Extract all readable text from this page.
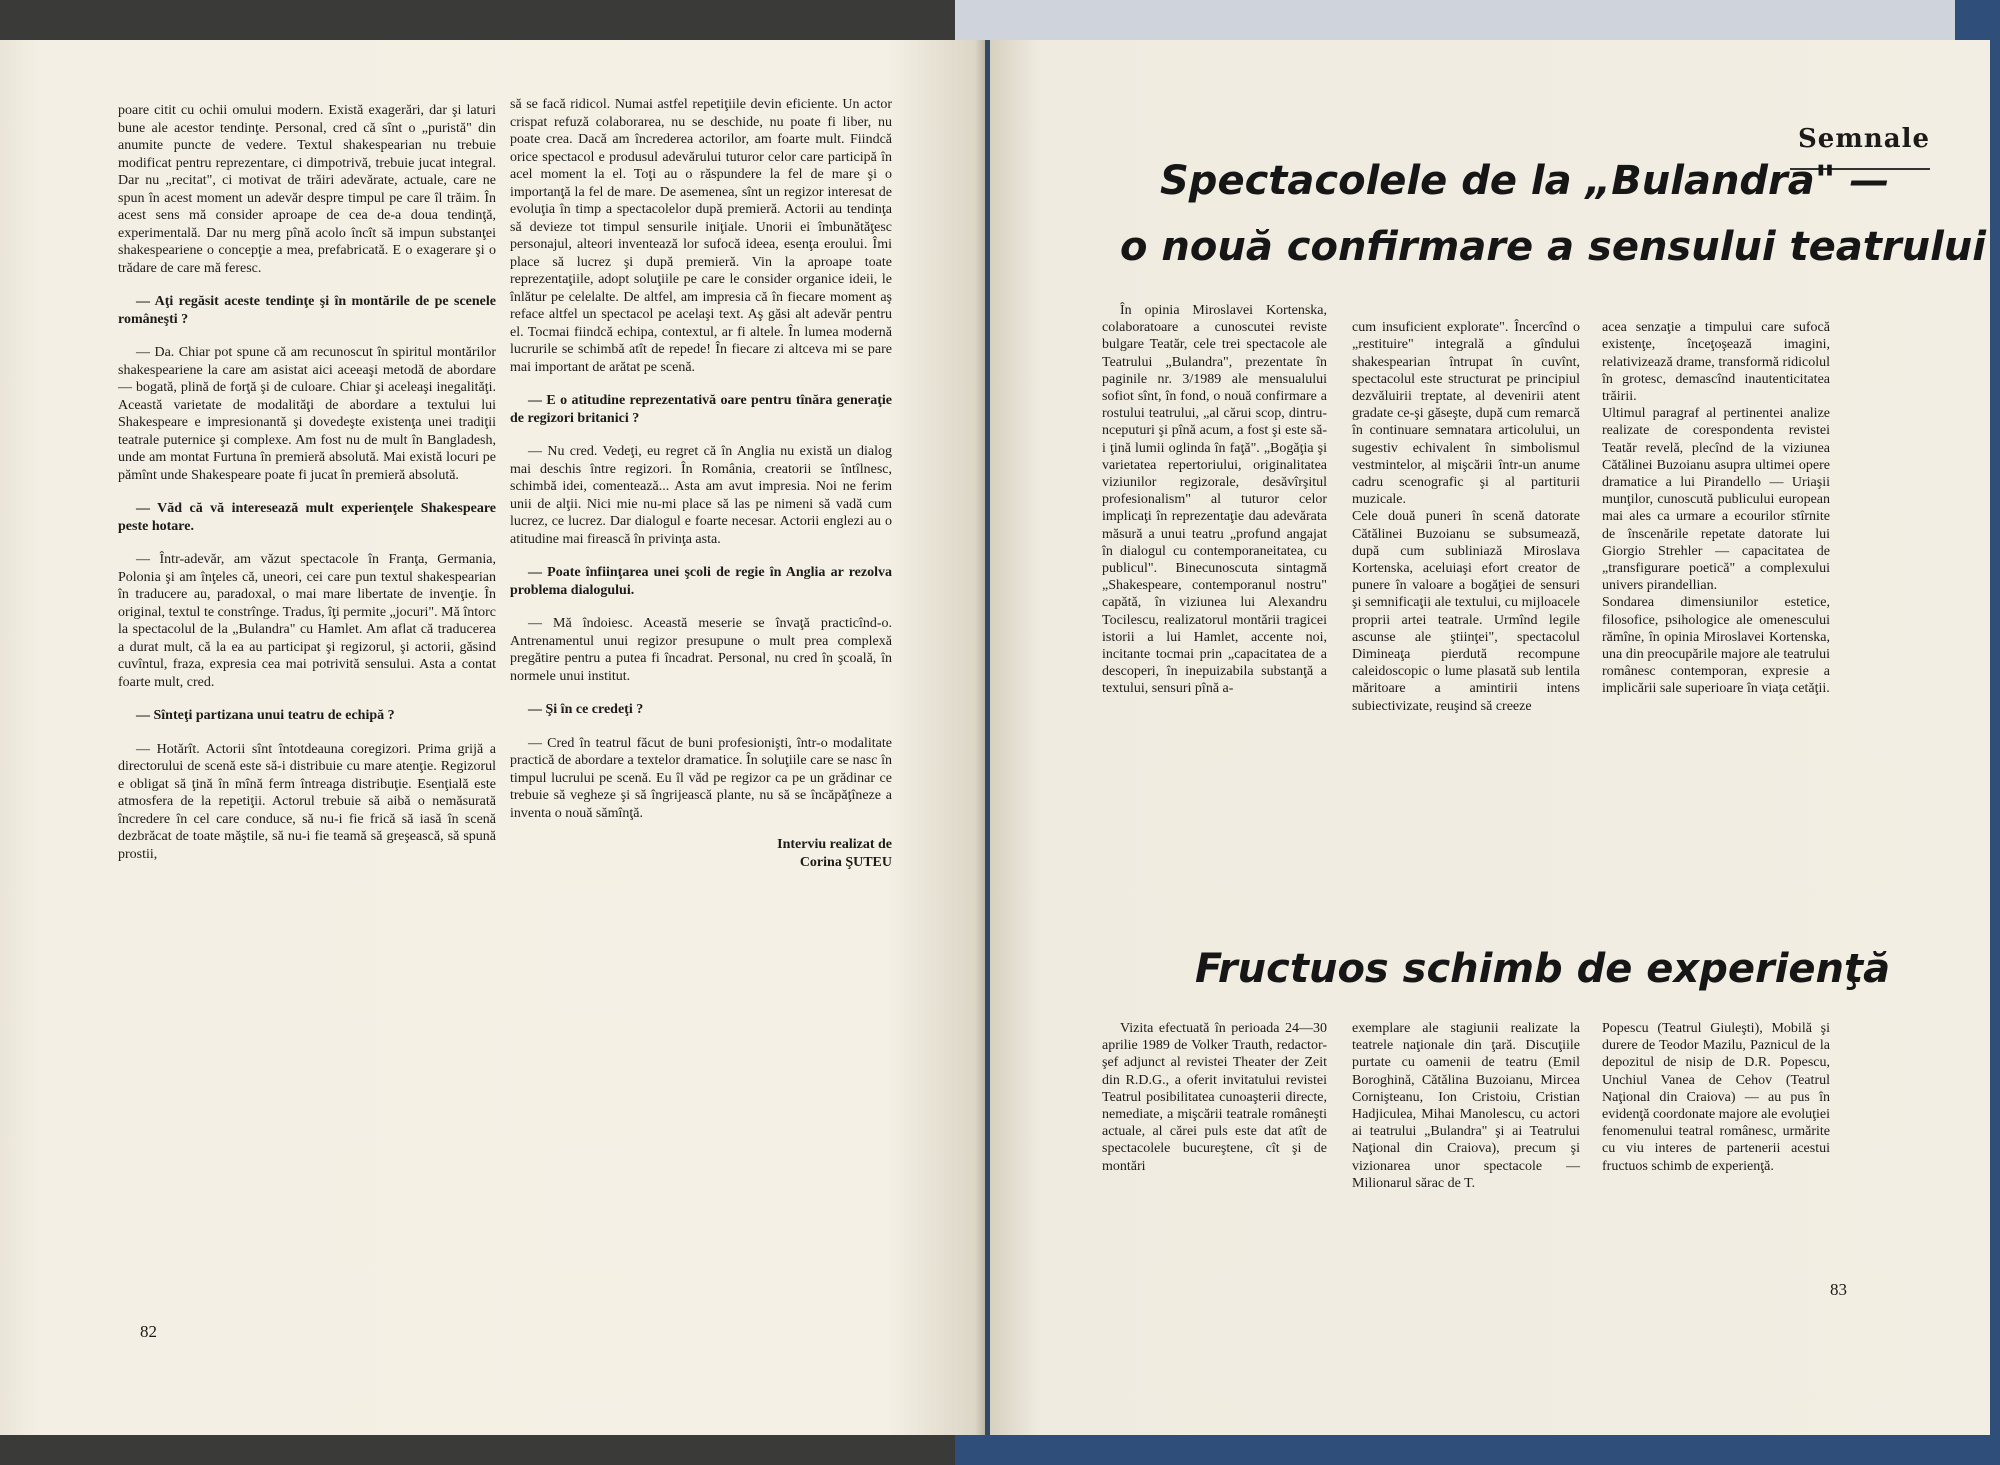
poare citit cu ochii omului modern. Există exagerări, dar şi laturi bune ale acestor tendinţe. Personal, cred că sînt o „puristă" din anumite puncte de vedere. Textul shakespearian nu trebuie modificat pentru reprezentare, ci dimpotrivă, trebuie jucat integral. Dar nu „recitat", ci motivat de trăiri adevărate, actuale, care ne spun în acest moment un adevăr despre timpul pe care îl trăim. În acest sens mă consider aproape de cea de-a doua tendinţă, experimentală. Dar nu merg pînă acolo încît să impun substanţei shakespeariene o concepţie a mea, prefabricată. E o exagerare şi o trădare de care mă feresc.

— Aţi regăsit aceste tendinţe şi în montările de pe scenele româneşti ?

— Da. Chiar pot spune că am recunoscut în spiritul montărilor shakespeariene la care am asistat aici aceeaşi metodă de abordare — bogată, plină de forţă şi de culoare. Chiar şi aceleaşi inegalităţi. Această varietate de modalităţi de abordare a textului lui Shakespeare e impresionantă şi dovedeşte existenţa unei tradiţii teatrale puternice şi complexe. Am fost nu de mult în Bangladesh, unde am montat Furtuna în premieră absolută. Mai există locuri pe pămînt unde Shakespeare poate fi jucat în premieră absolută.

— Văd că vă interesează mult experienţele Shakespeare peste hotare.

— Într-adevăr, am văzut spectacole în Franţa, Germania, Polonia şi am înţeles că, uneori, cei care pun textul shakespearian în traducere au, paradoxal, o mai mare libertate de invenţie. În original, textul te constrînge. Tradus, îţi permite „jocuri". Mă întorc la spectacolul de la „Bulandra" cu Hamlet. Am aflat că traducerea a durat mult, că la ea au participat şi regizorul, şi actorii, găsind cuvîntul, fraza, expresia cea mai potrivită sensului. Asta a contat foarte mult, cred.

— Sînteţi partizana unui teatru de echipă ?

— Hotărît. Actorii sînt întotdeauna coregizori. Prima grijă a directorului de scenă este să-i distribuie cu mare atenţie. Regizorul e obligat să ţină în mînă ferm întreaga distribuţie. Esenţială este atmosfera de la repetiţii. Actorul trebuie să aibă o nemăsurată încredere în cel care conduce, să nu-i fie frică să iasă în scenă dezbrăcat de toate măştile, să nu-i fie teamă să greşească, să spună prostii,

să se facă ridicol. Numai astfel repetiţiile devin eficiente. Un actor crispat refuză colaborarea, nu se deschide, nu poate fi liber, nu poate crea. Dacă am încrederea actorilor, am foarte mult. Fiindcă orice spectacol e produsul adevărului tuturor celor care participă în acel moment la el. Toţi au o răspundere la fel de mare şi o importanţă la fel de mare. De asemenea, sînt un regizor interesat de evoluţia în timp a spectacolelor după premieră. Actorii au tendinţa să devieze tot timpul sensurile iniţiale. Unorii ei îmbunătăţesc personajul, alteori inventează lor sufocă ideea, esenţa eroului. Îmi place să lucrez şi după premieră. Vin la aproape toate reprezentaţiile, adopt soluţiile pe care le consider organice ideii, le înlătur pe celelalte. De altfel, am impresia că în fiecare moment aş reface altfel un spectacol pe acelaşi text. Aş găsi alt adevăr pentru el. Tocmai fiindcă echipa, contextul, ar fi altele. În lumea modernă lucrurile se schimbă atît de repede! În fiecare zi altceva mi se pare mai important de arătat pe scenă.

— E o atitudine reprezentativă oare pentru tînăra generaţie de regizori britanici ?

— Nu cred. Vedeţi, eu regret că în Anglia nu există un dialog mai deschis între regizori. În România, creatorii se întîlnesc, schimbă idei, comentează... Asta am avut impresia. Noi ne ferim unii de alţii. Nici mie nu-mi place să las pe nimeni să vadă cum lucrez, ce lucrez. Dar dialogul e foarte necesar. Actorii englezi au o atitudine mai firească în privinţa asta.

— Poate înfiinţarea unei şcoli de regie în Anglia ar rezolva problema dialogului.

— Mă îndoiesc. Această meserie se învaţă practicînd-o. Antrenamentul unui regizor presupune o mult prea complexă pregătire pentru a putea fi încadrat. Personal, nu cred în şcoală, în normele unui institut.

— Şi în ce credeţi ?

— Cred în teatrul făcut de buni profesionişti, într-o modalitate practică de abordare a textelor dramatice. În soluţiile care se nasc în timpul lucrului pe scenă. Eu îl văd pe regizor ca pe un grădinar ce trebuie să vegheze şi să îngrijească plante, nu să se încăpăţîneze a inventa o nouă sămînţă.

Interviu realizat de
Corina ŞUTEU
82
Semnale
Spectacolele de la „Bulandra" —
o nouă confirmare a sensului teatrului

În opinia Miroslavei Kortenska, colaboratoare a cunoscutei reviste bulgare Teatăr, cele trei spectacole ale Teatrului „Bulandra", prezentate în paginile nr. 3/1989 ale mensualului sofiot sînt, în fond, o nouă confirmare a rostului teatrului, „al cărui scop, dintru-nceputuri şi pînă acum, a fost şi este să-i ţină lumii oglinda în faţă". „Bogăţia şi varietatea repertoriului, originalitatea viziunilor regizorale, desăvîrşitul profesionalism" al tuturor celor implicaţi în reprezentaţie dau adevărata măsură a unui teatru „profund angajat în dialogul cu contemporaneitatea, cu publicul". Binecunoscuta sintagmă „Shakespeare, contemporanul nostru" capătă, în viziunea lui Alexandru Tocilescu, realizatorul montării tragicei istorii a lui Hamlet, accente noi, incitante tocmai prin „capacitatea de a descoperi, în inepuizabila substanţă a textului, sensuri pînă a-

cum insuficient explorate". Încercînd o „restituire" integrală a gîndului shakespearian întrupat în cuvînt, spectacolul este structurat pe principiul dezvăluirii treptate, al devenirii atent gradate ce-şi găseşte, după cum remarcă în continuare semnatara articolului, un sugestiv echivalent în simbolismul vestmintelor, al mişcării într-un anume cadru scenografic şi al partiturii muzicale.
Cele două puneri în scenă datorate Cătălinei Buzoianu se subsumează, după cum subliniază Miroslava Kortenska, aceluiaşi efort creator de punere în valoare a bogăţiei de sensuri şi semnificaţii ale textului, cu mijloacele proprii artei teatrale. Urmînd legile ascunse ale ştiinţei", spectacolul Dimineaţa pierdută recompune caleidoscopic o lume plasată sub lentila măritoare a amintirii intens subiectivizate, reuşind să creeze

acea senzaţie a timpului care sufocă existenţe, înceţoşează imagini, relativizează drame, transformă ridicolul în grotesc, demascînd inautenticitatea trăirii.
Ultimul paragraf al pertinentei analize realizate de corespondenta revistei Teatăr revelă, plecînd de la viziunea Cătălinei Buzoianu asupra ultimei opere dramatice a lui Pirandello — Uriaşii munţilor, cunoscută publicului european mai ales ca urmare a ecourilor stîrnite de înscenările repetate datorate lui Giorgio Strehler — capacitatea de „transfigurare poetică" a complexului univers pirandellian.
Sondarea dimensiunilor estetice, filosofice, psihologice ale omenescului rămîne, în opinia Miroslavei Kortenska, una din preocupările majore ale teatrului românesc contemporan, expresie a implicării sale superioare în viaţa cetăţii.

Fructuos schimb de experienţă

Vizita efectuată în perioada 24—30 aprilie 1989 de Volker Trauth, redactor-şef adjunct al revistei Theater der Zeit din R.D.G., a oferit invitatului revistei Teatrul posibilitatea cunoaşterii directe, nemediate, a mişcării teatrale româneşti actuale, al cărei puls este dat atît de spectacolele bucureştene, cît şi de montări

exemplare ale stagiunii realizate la teatrele naţionale din ţară. Discuţiile purtate cu oamenii de teatru (Emil Boroghină, Cătălina Buzoianu, Mircea Cornişteanu, Ion Cristoiu, Cristian Hadjiculea, Mihai Manolescu, cu actori ai teatrului „Bulandra" şi ai Teatrului Naţional din Craiova), precum şi vizionarea unor spectacole — Milionarul sărac de T.

Popescu (Teatrul Giuleşti), Mobilă şi durere de Teodor Mazilu, Paznicul de la depozitul de nisip de D.R. Popescu, Unchiul Vanea de Cehov (Teatrul Naţional din Craiova) — au pus în evidenţă coordonate majore ale evoluţiei fenomenului teatral românesc, urmărite cu viu interes de partenerii acestui fructuos schimb de experienţă.

83
